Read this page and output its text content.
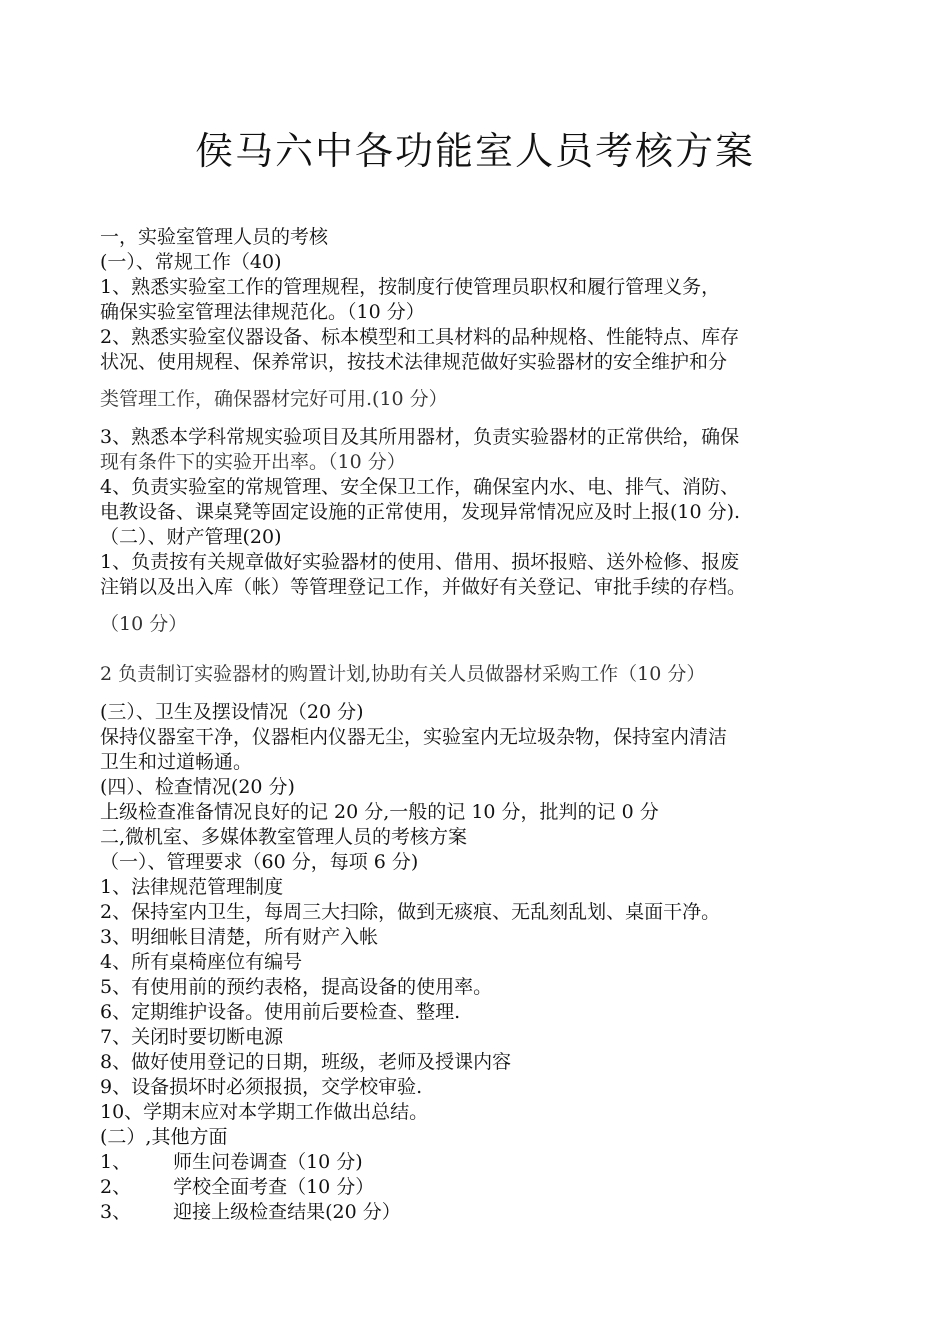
侯马六中各功能室人员考核方案
一，实验室管理人员的考核
(一）、常规工作（40)
1、熟悉实验室工作的管理规程，按制度行使管理员职权和履行管理义务，
确保实验室管理法律规范化。（10 分）
2、熟悉实验室仪器设备、标本模型和工具材料的品种规格、性能特点、库存
状况、使用规程、保养常识，按技术法律规范做好实验器材的安全维护和分
类管理工作，确保器材完好可用.(10 分）
3、熟悉本学科常规实验项目及其所用器材，负责实验器材的正常供给，确保
现有条件下的实验开出率。（10 分）
4、负责实验室的常规管理、安全保卫工作，确保室内水、电、排气、消防、
电教设备、课桌凳等固定设施的正常使用，发现异常情况应及时上报(10 分).
（二）、财产管理(20)
1、负责按有关规章做好实验器材的使用、借用、损坏报赔、送外检修、报废
注销以及出入库（帐）等管理登记工作，并做好有关登记、审批手续的存档。
（10 分）
2 负责制订实验器材的购置计划,协助有关人员做器材采购工作（10 分）
(三）、卫生及摆设情况（20 分)
保持仪器室干净，仪器柜内仪器无尘，实验室内无垃圾杂物，保持室内清洁
卫生和过道畅通。
(四）、检查情况(20 分)
上级检查准备情况良好的记 20 分,一般的记 10 分，批判的记 0 分
二,微机室、多媒体教室管理人员的考核方案
（一）、管理要求（60 分，每项 6 分)
1、法律规范管理制度
2、保持室内卫生，每周三大扫除，做到无痰痕、无乱刻乱划、桌面干净。
3、明细帐目清楚，所有财产入帐
4、所有桌椅座位有编号
5、有使用前的预约表格，提高设备的使用率。
6、定期维护设备。使用前后要检查、整理.
7、关闭时要切断电源
8、做好使用登记的日期，班级，老师及授课内容
9、设备损坏时必须报损，交学校审验.
10、学期末应对本学期工作做出总结。
(二）,其他方面
1、 师生问卷调查（10 分)
2、 学校全面考查（10 分）
3、 迎接上级检查结果(20 分）
